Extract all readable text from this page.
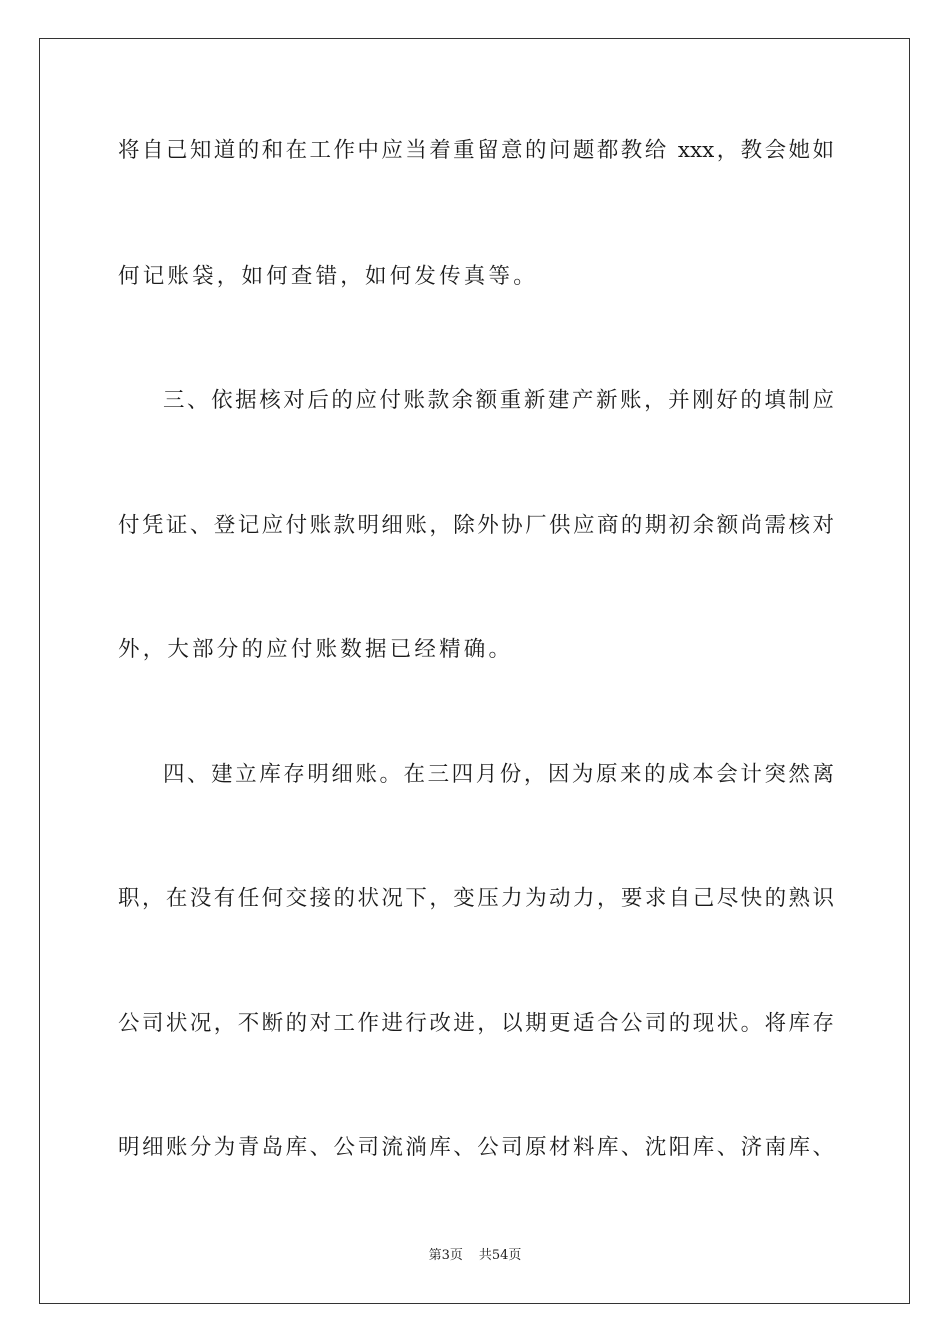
将自己知道的和在工作中应当着重留意的问题都教给 xxx，教会她如
何记账袋，如何查错，如何发传真等。
三、依据核对后的应付账款余额重新建产新账，并刚好的填制应
付凭证、登记应付账款明细账，除外协厂供应商的期初余额尚需核对
外，大部分的应付账数据已经精确。
四、建立库存明细账。在三四月份，因为原来的成本会计突然离
职，在没有任何交接的状况下，变压力为动力，要求自己尽快的熟识
公司状况，不断的对工作进行改进，以期更适合公司的现状。将库存
明细账分为青岛库、公司流淌库、公司原材料库、沈阳库、济南库、
第3页 共54页
